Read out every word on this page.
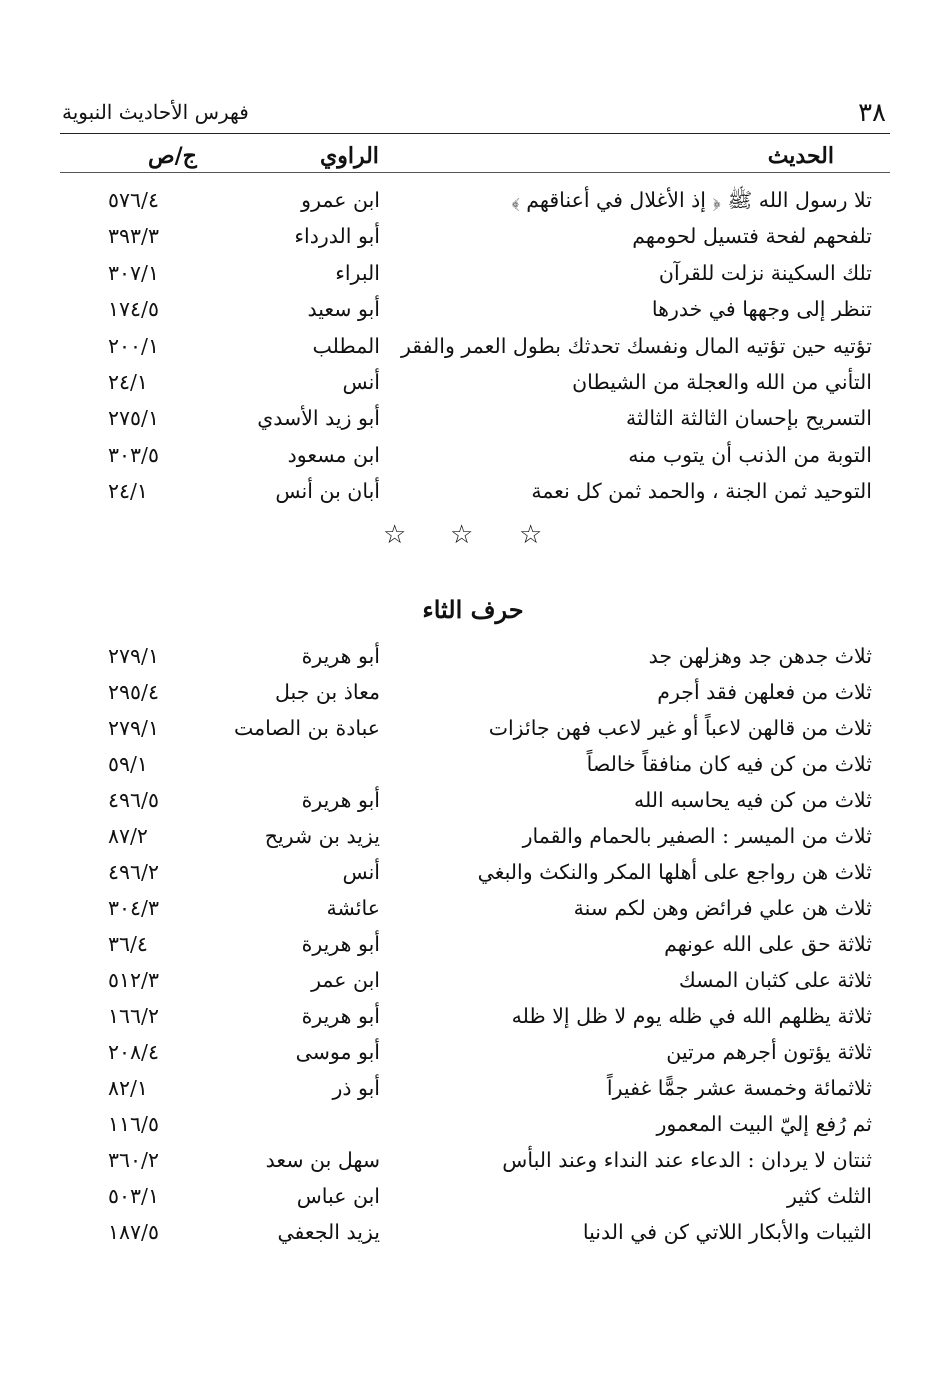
٣٨
فهرس الأحاديث النبوية
الحديث
الراوي
ج/ص
تلا رسول الله ﷺ ﴿ إذ الأغلال في أعناقهم ﴾
ابن عمرو
٥٧٦/٤
تلفحهم لفحة فتسيل لحومهم
أبو الدرداء
٣٩٣/٣
تلك السكينة نزلت للقرآن
البراء
٣٠٧/١
تنظر إلى وجهها في خدرها
أبو سعيد
١٧٤/٥
تؤتيه حين تؤتيه المال ونفسك تحدثك بطول العمر والفقر
المطلب
٢٠٠/١
التأني من الله والعجلة من الشيطان
أنس
٢٤/١
التسريح بإحسان الثالثة الثالثة
أبو زيد الأسدي
٢٧٥/١
التوبة من الذنب أن يتوب منه
ابن مسعود
٣٠٣/٥
التوحيد ثمن الجنة ، والحمد ثمن كل نعمة
أبان بن أنس
٢٤/١
☆ ☆ ☆
حرف الثاء
ثلاث جدهن جد وهزلهن جد
أبو هريرة
٢٧٩/١
ثلاث من فعلهن فقد أجرم
معاذ بن جبل
٢٩٥/٤
ثلاث من قالهن لاعباً أو غير لاعب فهن جائزات
عبادة بن الصامت
٢٧٩/١
ثلاث من كن فيه كان منافقاً خالصاً
٥٩/١
ثلاث من كن فيه يحاسبه الله
أبو هريرة
٤٩٦/٥
ثلاث من الميسر : الصفير بالحمام والقمار
يزيد بن شريح
٨٧/٢
ثلاث هن رواجع على أهلها المكر والنكث والبغي
أنس
٤٩٦/٢
ثلاث هن علي فرائض وهن لكم سنة
عائشة
٣٠٤/٣
ثلاثة حق على الله عونهم
أبو هريرة
٣٦/٤
ثلاثة على كثبان المسك
ابن عمر
٥١٢/٣
ثلاثة يظلهم الله في ظله يوم لا ظل إلا ظله
أبو هريرة
١٦٦/٢
ثلاثة يؤتون أجرهم مرتين
أبو موسى
٢٠٨/٤
ثلاثمائة وخمسة عشر جمًّا غفيراً
أبو ذر
٨٢/١
ثم رُفع إليّ البيت المعمور
١١٦/٥
ثنتان لا يردان : الدعاء عند النداء وعند البأس
سهل بن سعد
٣٦٠/٢
الثلث كثير
ابن عباس
٥٠٣/١
الثيبات والأبكار اللاتي كن في الدنيا
يزيد الجعفي
١٨٧/٥
